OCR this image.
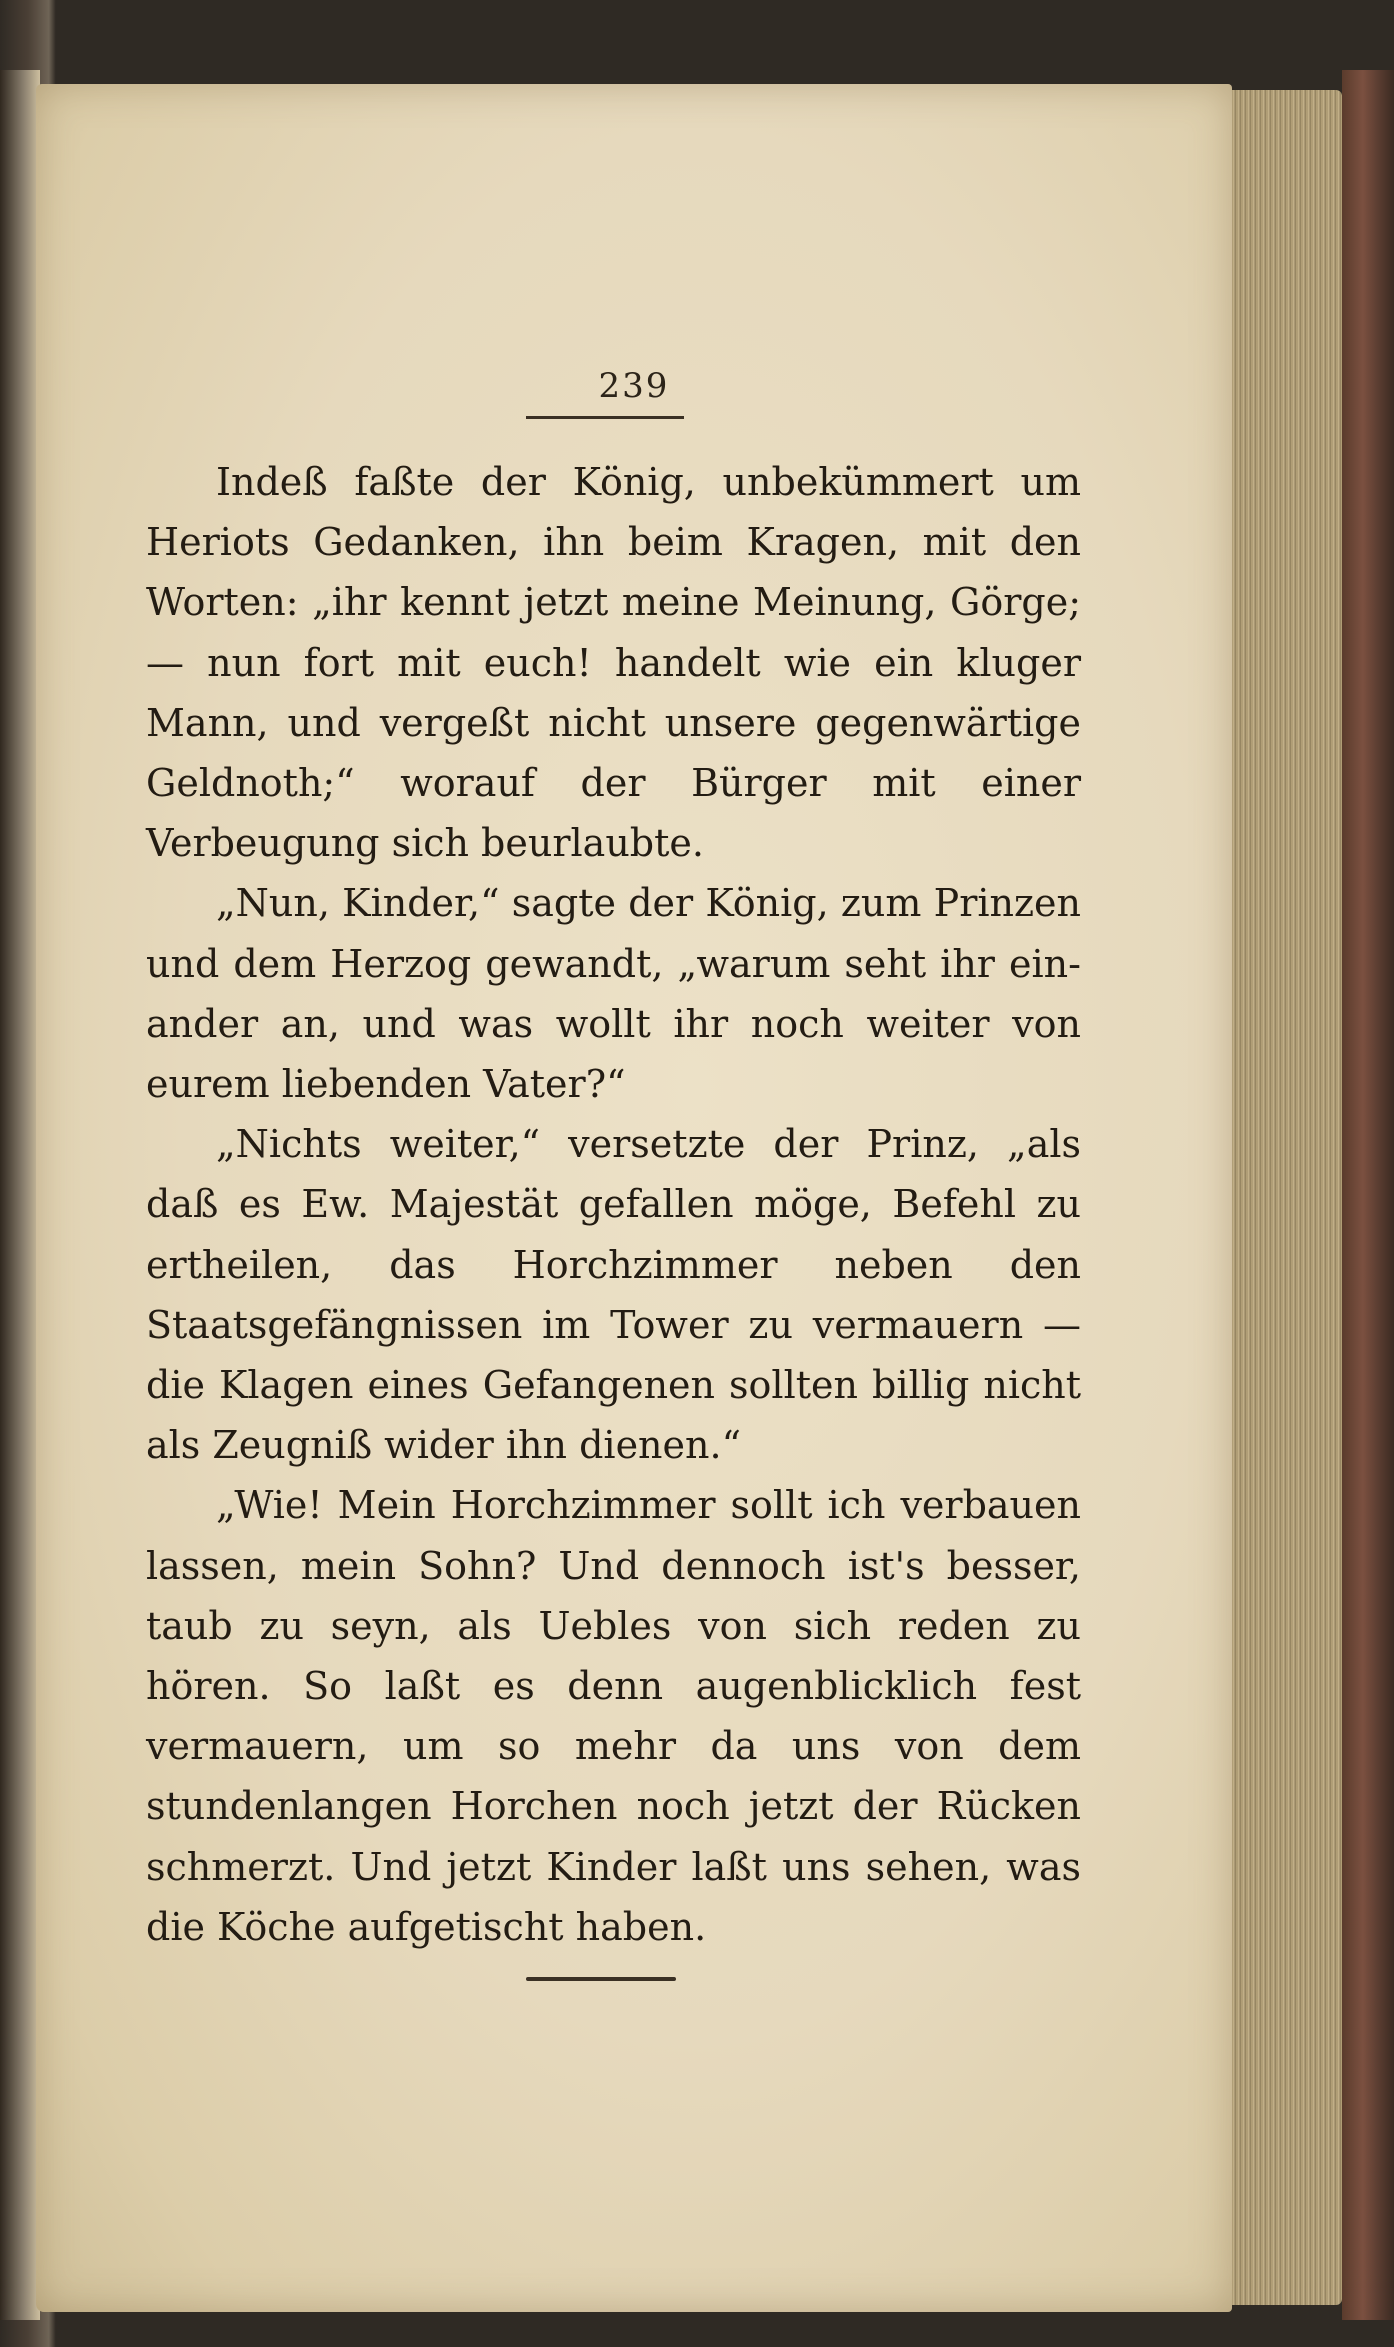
239

Indeß faßte der König, unbekümmert um Heriots Gedanken, ihn beim Kragen, mit den Worten: „ihr kennt jetzt meine Meinung, Görge; — nun fort mit euch! handelt wie ein kluger Mann, und vergeßt nicht unsere gegenwärtige Geldnoth;“ worauf der Bürger mit einer Verbeugung sich beurlaubte.

„Nun, Kinder,“ sagte der König, zum Prinzen und dem Herzog gewandt, „warum seht ihr einander an, und was wollt ihr noch weiter von eurem liebenden Vater?“

„Nichts weiter,“ versetzte der Prinz, „als daß es Ew. Majestät gefallen möge, Befehl zu ertheilen, das Horchzimmer neben den Staatsgefängnissen im Tower zu vermauern — die Klagen eines Gefangenen sollten billig nicht als Zeugniß wider ihn dienen.“

„Wie! Mein Horchzimmer sollt ich verbauen lassen, mein Sohn? Und dennoch ist's besser, taub zu seyn, als Uebles von sich reden zu hören. So laßt es denn augenblicklich fest vermauern, um so mehr da uns von dem stundenlangen Horchen noch jetzt der Rücken schmerzt. Und jetzt Kinder laßt uns sehen, was die Köche aufgetischt haben.
